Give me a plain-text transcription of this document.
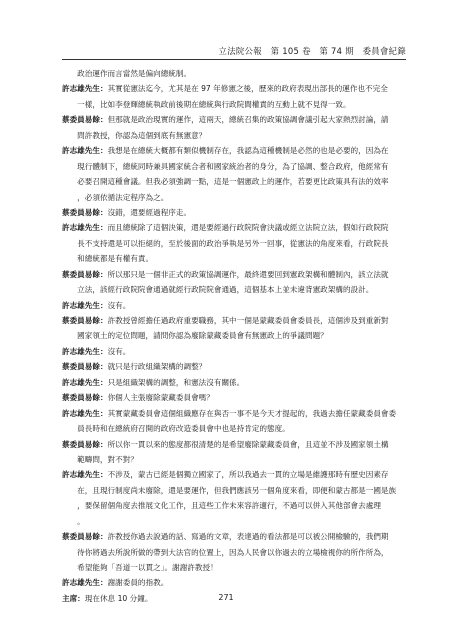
立法院公報　第 105 卷　第 74 期　委員會紀錄
　　政治運作而言當然是偏向總統制。
許志雄先生：其實從憲法迄今，尤其是在 97 年修憲之後，歷來的政府表現出部長的運作也不完全
　　一樣，比如李登輝總統執政前後期在總統與行政院間權責的互動上就不見得一致。
蔡委員易餘：但那就是政治現實的運作，這兩天，總統召集的政策協調會議引起大家熱烈討論，請
　　問許教授，你認為這個到底有無憲意？
許志雄先生：我想是在總統大概都有類似機制存在，我認為這種機制是必然的也是必要的，因為在
　　現行體制下，總統同時兼具國家統合者和國家統治者的身分，為了協調、整合政府，他經常有
　　必要召開這種會議。但我必須強調一點，這是一個憲政上的運作，若要更比政策具有法的效率
　　，必須依循法定程序為之。
蔡委員易餘：沒錯，還要經過程序走。
許志雄先生：而且總統除了這個決策，還是要經過行政院院會決議或經立法院立法，假如行政院院
　　長不支持還是可以拒絕的，至於後面的政治爭執是另外一回事，從憲法的角度來看，行政院長
　　和總統都是有權有責。
蔡委員易餘：所以那只是一個非正式的政策協調運作，最終還要回到憲政架構和體制內，該立法就
　　立法，該經行政院院會通過就經行政院院會通過，這個基本上並未違背憲政架構的設計。
許志雄先生：沒有。
蔡委員易餘：許教授曾經擔任過政府重要職務，其中一個是蒙藏委員會委員長，這個涉及到重新對
　　國家領土的定位問題，請問你認為廢除蒙藏委員會有無憲政上的爭議問題？
許志雄先生：沒有。
蔡委員易餘：就只是行政組織架構的調整？
許志雄先生：只是組織架構的調整，和憲法沒有關係。
蔡委員易餘：你個人主張廢除蒙藏委員會嗎？
許志雄先生：其實蒙藏委員會這個組織應存在與否一事不是今天才提起的，我過去擔任蒙藏委員會委
　　員長時和在總統府召開的政府改造委員會中也是持肯定的態度。
蔡委員易餘：所以你一貫以來的態度都很清楚的是希望廢除蒙藏委員會，且這並不涉及國家領土構
　　範疇問，對不對？
許志雄先生：不涉及，蒙古已經是個獨立國家了，所以我過去一貫的立場是維護那時有歷史因素存
　　在，且現行制度尚未廢除，還是要運作，但我們應該另一個角度來看，即便和蒙古都是一國是族
　　，要保留個角度去推展文化工作，且這些工作未來容許適行，不過可以併入其他部會去處理
　　。
蔡委員易餘：許教授你過去說過的話、寫過的文章，表達過的看法都是可以被公開檢驗的，我們期
　　待你將過去所說所做的帶到大法官的位置上，因為人民會以你過去的立場檢視你的所作所為，
　　希望能夠「吾道一以貫之」。謝謝許教授！
許志雄先生：謝謝委員的指教。
主席：現在休息 10 分鐘。	271
